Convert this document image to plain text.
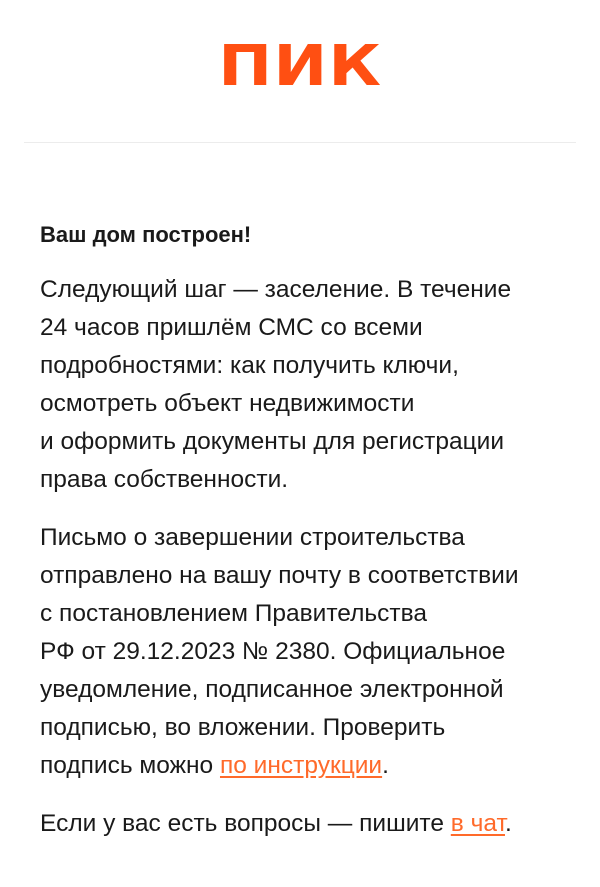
ПИК
Ваш дом построен!
Следующий шаг — заселение. В течение
24 часов пришлём СМС со всеми
подробностями: как получить ключи,
осмотреть объект недвижимости
и оформить документы для регистрации
права собственности.
Письмо о завершении строительства
отправлено на вашу почту в соответствии
с постановлением Правительства
РФ от 29.12.2023 № 2380. Официальное
уведомление, подписанное электронной
подписью, во вложении. Проверить
подпись можно по инструкции.
Если у вас есть вопросы — пишите в чат.
